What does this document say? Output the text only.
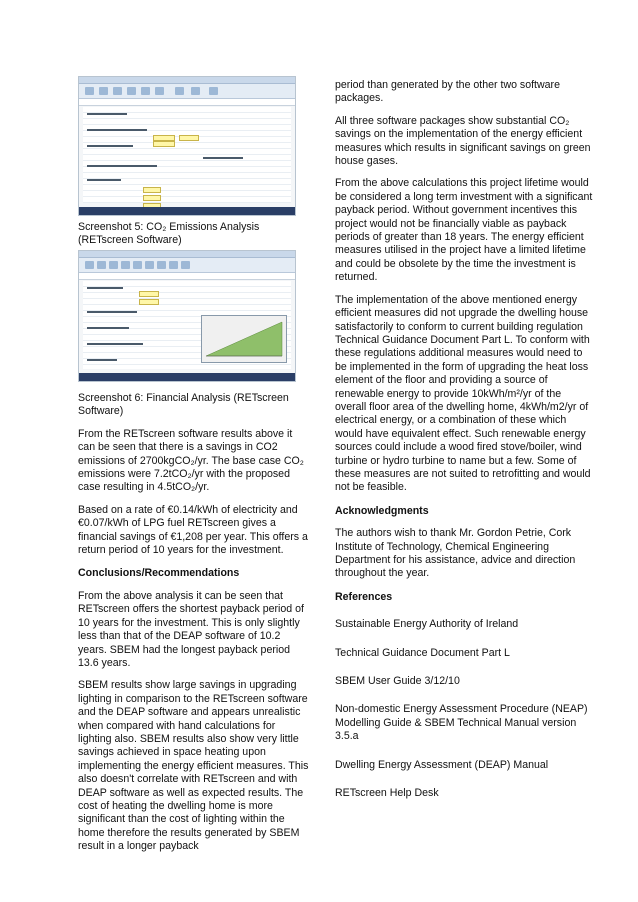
Screenshot 5: CO₂ Emissions Analysis (RETscreen Software)

Screenshot 6: Financial Analysis (RETscreen Software)

From the RETscreen software results above it can be seen that there is a savings in CO2 emissions of 2700kgCO₂/yr. The base case CO₂ emissions were 7.2tCO₂/yr with the proposed case resulting in 4.5tCO₂/yr.

Based on a rate of €0.14/kWh of electricity and €0.07/kWh of LPG fuel RETscreen gives a financial savings of €1,208 per year. This offers a return period of 10 years for the investment.

Conclusions/Recommendations

From the above analysis it can be seen that RETscreen offers the shortest payback period of 10 years for the investment. This is only slightly less than that of the DEAP software of 10.2 years. SBEM had the longest payback period 13.6 years.

SBEM results show large savings in upgrading lighting in comparison to the RETscreen software and the DEAP software and appears unrealistic when compared with hand calculations for lighting also. SBEM results also show very little savings achieved in space heating upon implementing the energy efficient measures. This also doesn't correlate with RETscreen and with DEAP software as well as expected results. The cost of heating the dwelling home is more significant than the cost of lighting within the home therefore the results generated by SBEM result in a longer payback

period than generated by the other two software packages.

All three software packages show substantial CO₂ savings on the implementation of the energy efficient measures which results in significant savings on green house gases.

From the above calculations this project lifetime would be considered a long term investment with a significant payback period. Without government incentives this project would not be financially viable as payback periods of greater than 18 years. The energy efficient measures utilised in the project have a limited lifetime and could be obsolete by the time the investment is returned.

The implementation of the above mentioned energy efficient measures did not upgrade the dwelling house satisfactorily to conform to current building regulation Technical Guidance Document Part L. To conform with these regulations additional measures would need to be implemented in the form of upgrading the heat loss element of the floor and providing a source of renewable energy to provide 10kWh/m²/yr of the overall floor area of the dwelling home, 4kWh/m2/yr of electrical energy, or a combination of these which would have equivalent effect. Such renewable energy sources could include a wood fired stove/boiler, wind turbine or hydro turbine to name but a few. Some of these measures are not suited to retrofitting and would not be feasible.

Acknowledgments

The authors wish to thank Mr. Gordon Petrie, Cork Institute of Technology, Chemical Engineering Department for his assistance, advice and direction throughout the year.

References

Sustainable Energy Authority of Ireland

Technical Guidance Document Part L

SBEM User Guide 3/12/10

Non-domestic Energy Assessment Procedure (NEAP) Modelling Guide & SBEM Technical Manual version 3.5.a

Dwelling Energy Assessment (DEAP) Manual

RETscreen Help Desk
